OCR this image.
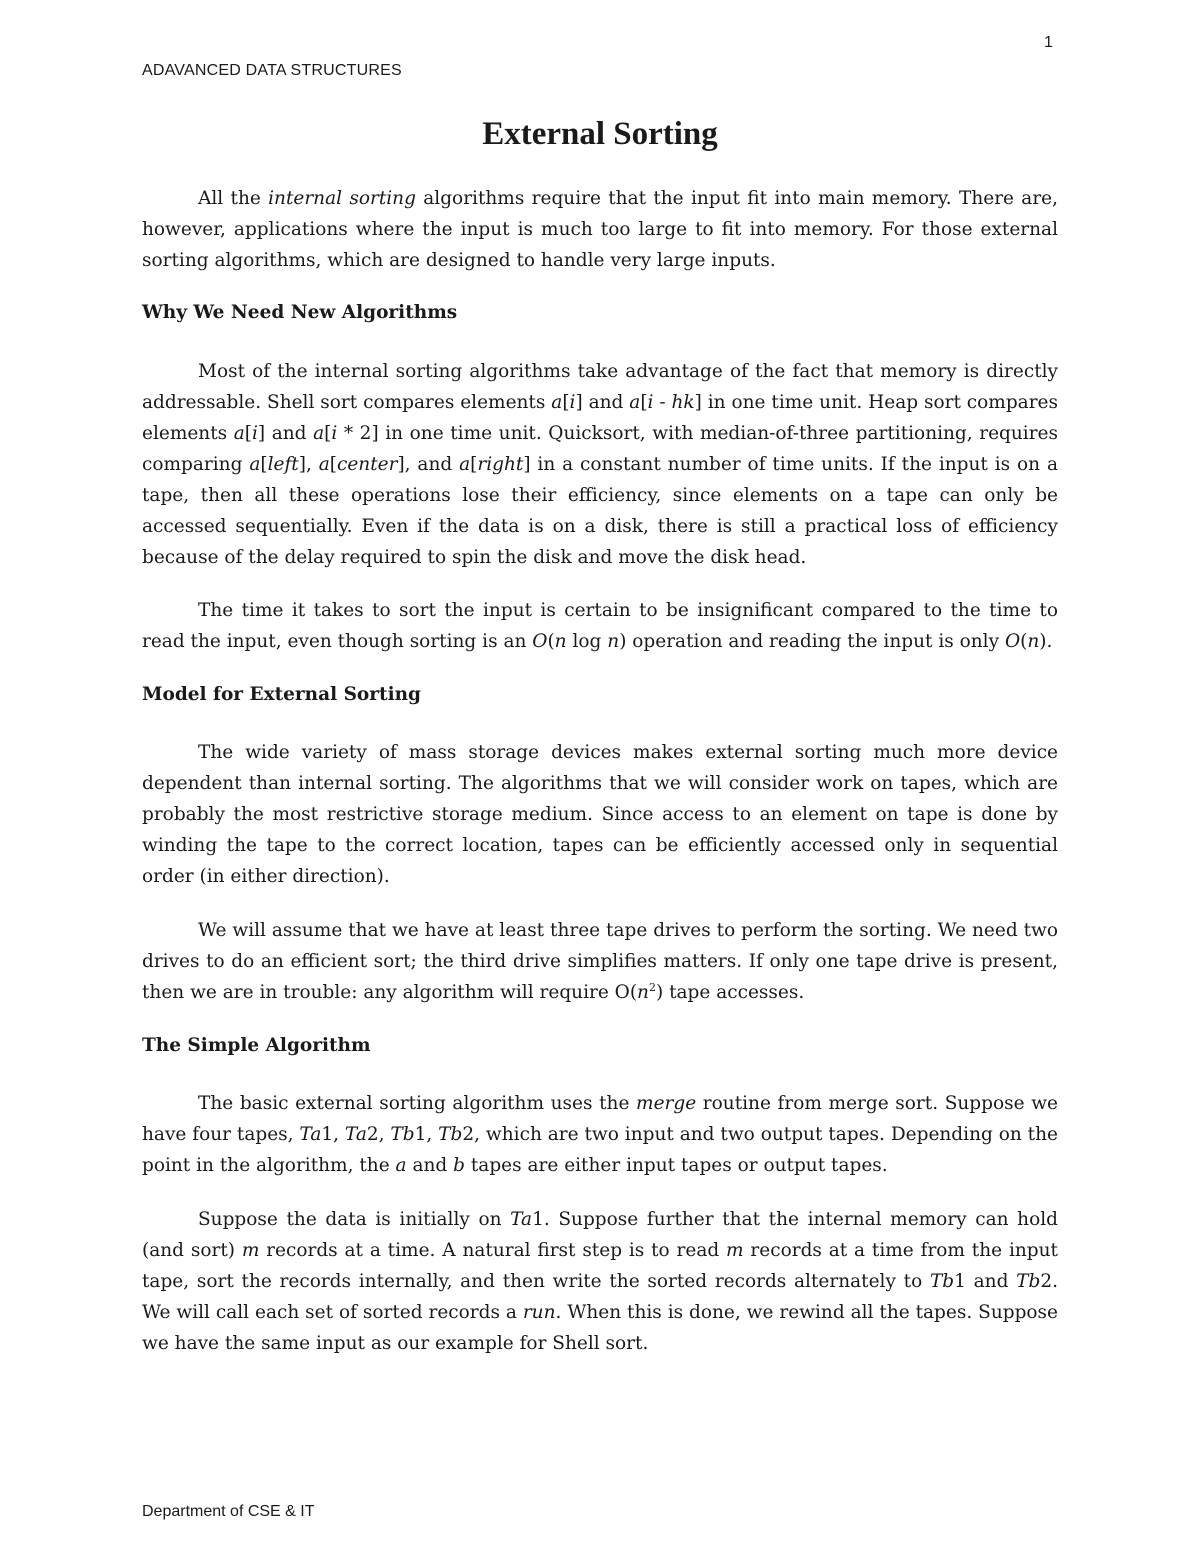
1
ADAVANCED DATA STRUCTURES
External Sorting

All the internal sorting algorithms require that the input fit into main memory. There are, however, applications where the input is much too large to fit into memory. For those external sorting algorithms, which are designed to handle very large inputs.

Why We Need New Algorithms

Most of the internal sorting algorithms take advantage of the fact that memory is directly addressable. Shell sort compares elements a[i] and a[i - hk] in one time unit. Heap sort compares elements a[i] and a[i * 2] in one time unit. Quicksort, with median-of-three partitioning, requires comparing a[left], a[center], and a[right] in a constant number of time units. If the input is on a tape, then all these operations lose their efficiency, since elements on a tape can only be accessed sequentially. Even if the data is on a disk, there is still a practical loss of efficiency because of the delay required to spin the disk and move the disk head.

The time it takes to sort the input is certain to be insignificant compared to the time to read the input, even though sorting is an O(n log n) operation and reading the input is only O(n).

Model for External Sorting

The wide variety of mass storage devices makes external sorting much more device dependent than internal sorting. The algorithms that we will consider work on tapes, which are probably the most restrictive storage medium. Since access to an element on tape is done by winding the tape to the correct location, tapes can be efficiently accessed only in sequential order (in either direction).

We will assume that we have at least three tape drives to perform the sorting. We need two drives to do an efficient sort; the third drive simplifies matters. If only one tape drive is present, then we are in trouble: any algorithm will require $O(n^2)$ tape accesses.

The Simple Algorithm

The basic external sorting algorithm uses the merge routine from merge sort. Suppose we have four tapes, Ta1, Ta2, Tb1, Tb2, which are two input and two output tapes. Depending on the point in the algorithm, the a and b tapes are either input tapes or output tapes.

Suppose the data is initially on Ta1. Suppose further that the internal memory can hold (and sort) m records at a time. A natural first step is to read m records at a time from the input tape, sort the records internally, and then write the sorted records alternately to Tb1 and Tb2. We will call each set of sorted records a run. When this is done, we rewind all the tapes. Suppose we have the same input as our example for Shell sort.

Department of CSE & IT
